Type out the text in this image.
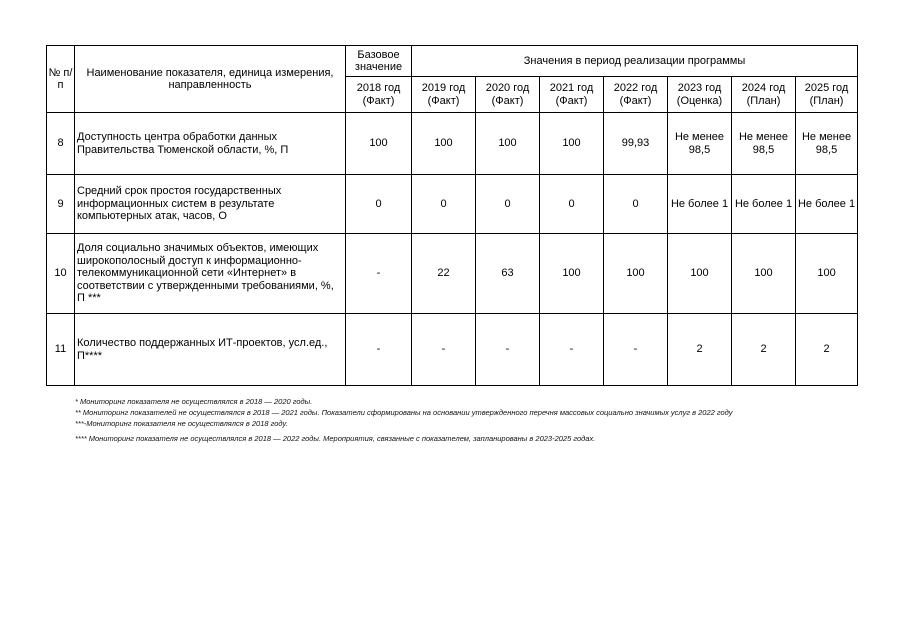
№ п/п	Наименование показателя, единица измерения, направленность	Базовое значение	Значения в период реализации программы						
		2018 год (Факт)	2019 год (Факт)	2020 год (Факт)	2021 год (Факт)	2022 год (Факт)	2023 год (Оценка)	2024 год (План)	2025 год (План)
8	Доступность центра обработки данных Правительства Тюменской области, %, П	100	100	100	100	99,93	Не менее 98,5	Не менее 98,5	Не менее 98,5
9	Средний срок простоя государственных информационных систем в результате компьютерных атак, часов, О	0	0	0	0	0	Не более 1	Не более 1	Не более 1
10	Доля социально значимых объектов, имеющих широкополосный доступ к информационно-телекоммуникационной сети «Интернет» в соответствии с утвержденными требованиями, %, П ***	-	22	63	100	100	100	100	100
11	Количество поддержанных ИТ-проектов, усл.ед., П****	-	-	-	-	-	2	2	2
* Мониторинг показателя не осуществлялся в 2018 — 2020 годы.
** Мониторинг показателей не осуществлялся в 2018 — 2021 годы. Показатели сформированы на основании утвержденного перечня массовых социально значимых услуг в 2022 году
***-Мониторинг показателя не осуществлялся в 2018 году.
**** Мониторинг показателя не осуществлялся в 2018 — 2022 годы. Мероприятия, связанные с показателем, запланированы в 2023-2025 годах.
